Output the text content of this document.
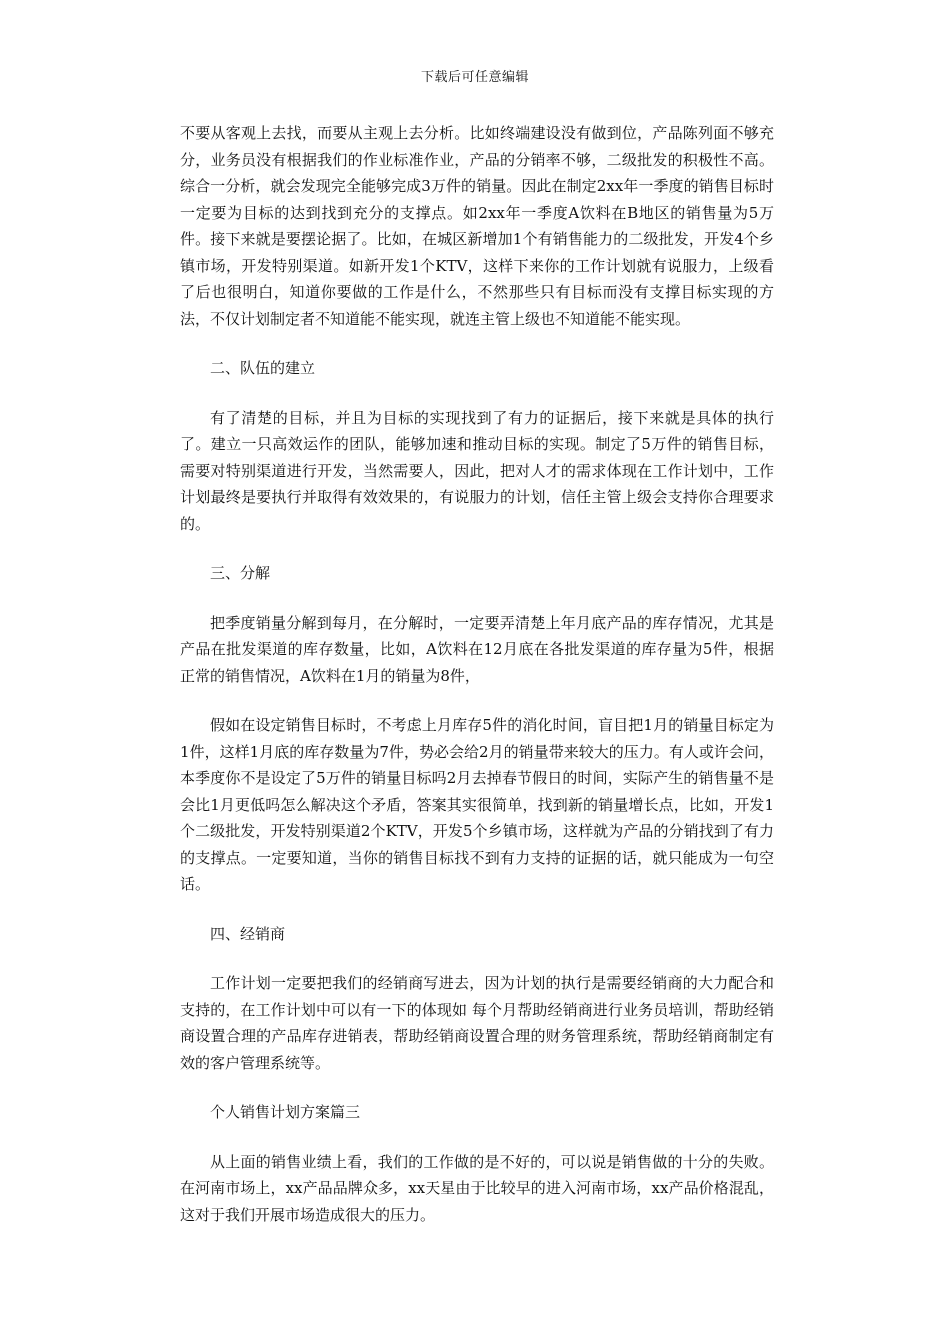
下载后可任意编辑

不要从客观上去找，而要从主观上去分析。比如终端建设没有做到位，产品陈列面不够充分，业务员没有根据我们的作业标准作业，产品的分销率不够，二级批发的积极性不高。综合一分析，就会发现完全能够完成3万件的销量。因此在制定2xx年一季度的销售目标时 一定要为目标的达到找到充分的支撑点。如2xx年一季度A饮料在B地区的销售量为5万件。接下来就是要摆论据了。比如，在城区新增加1个有销售能力的二级批发，开发4个乡镇市场，开发特别渠道。如新开发1个KTV，这样下来你的工作计划就有说服力，上级看了后也很明白，知道你要做的工作是什么，不然那些只有目标而没有支撑目标实现的方法，不仅计划制定者不知道能不能实现，就连主管上级也不知道能不能实现。

二、队伍的建立

有了清楚的目标，并且为目标的实现找到了有力的证据后，接下来就是具体的执行了。建立一只高效运作的团队，能够加速和推动目标的实现。制定了5万件的销售目标，需要对特别渠道进行开发，当然需要人，因此，把对人才的需求体现在工作计划中，工作计划最终是要执行并取得有效效果的，有说服力的计划，信任主管上级会支持你合理要求的。

三、分解

把季度销量分解到每月，在分解时，一定要弄清楚上年月底产品的库存情况，尤其是产品在批发渠道的库存数量，比如，A饮料在12月底在各批发渠道的库存量为5件，根据正常的销售情况，A饮料在1月的销量为8件，

假如在设定销售目标时，不考虑上月库存5件的消化时间，盲目把1月的销量目标定为1件，这样1月底的库存数量为7件，势必会给2月的销量带来较大的压力。有人或许会问，本季度你不是设定了5万件的销量目标吗2月去掉春节假日的时间，实际产生的销售量不是会比1月更低吗怎么解决这个矛盾，答案其实很简单，找到新的销量增长点，比如，开发1个二级批发，开发特别渠道2个KTV，开发5个乡镇市场，这样就为产品的分销找到了有力的支撑点。一定要知道，当你的销售目标找不到有力支持的证据的话，就只能成为一句空话。

四、经销商

工作计划一定要把我们的经销商写进去，因为计划的执行是需要经销商的大力配合和支持的，在工作计划中可以有一下的体现如 每个月帮助经销商进行业务员培训，帮助经销商设置合理的产品库存进销表，帮助经销商设置合理的财务管理系统，帮助经销商制定有效的客户管理系统等。

个人销售计划方案篇三

从上面的销售业绩上看，我们的工作做的是不好的，可以说是销售做的十分的失败。在河南市场上，xx产品品牌众多，xx天星由于比较早的进入河南市场，xx产品价格混乱，这对于我们开展市场造成很大的压力。
